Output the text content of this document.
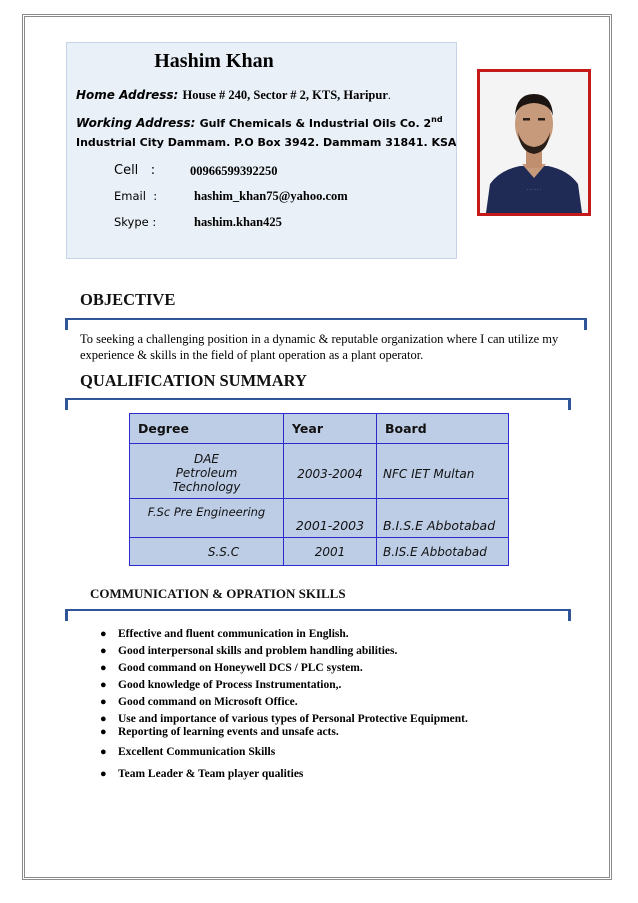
Hashim Khan
Home Address: House # 240, Sector # 2, KTS, Haripur.
Working Address: Gulf Chemicals & Industrial Oils Co. 2nd
Industrial City Dammam. P.O Box 3942. Dammam 31841. KSA
Cell   :	00966599392250
Email  :	hashim_khan75@yahoo.com
Skype :	hashim.khan425
. . . . . .
OBJECTIVE
To seeking a challenging position in a dynamic & reputable organization where I can utilize my experience & skills in the field of plant operation as a plant operator.
QUALIFICATION SUMMARY
Degree	Year	Board
DAE Petroleum Technology	2003-2004	NFC IET Multan
F.Sc Pre Engineering	2001-2003	B.I.S.E Abbotabad
S.S.C	2001	B.IS.E Abbotabad
COMMUNICATION & OPRATION SKILLS
● Effective and fluent communication in English.
● Good interpersonal skills and problem handling abilities.
● Good command on Honeywell DCS / PLC system.
● Good knowledge of Process Instrumentation,.
● Good command on Microsoft Office.
● Use and importance of various types of Personal Protective Equipment.
● Reporting of learning events and unsafe acts.
● Excellent Communication Skills
● Team Leader & Team player qualities
